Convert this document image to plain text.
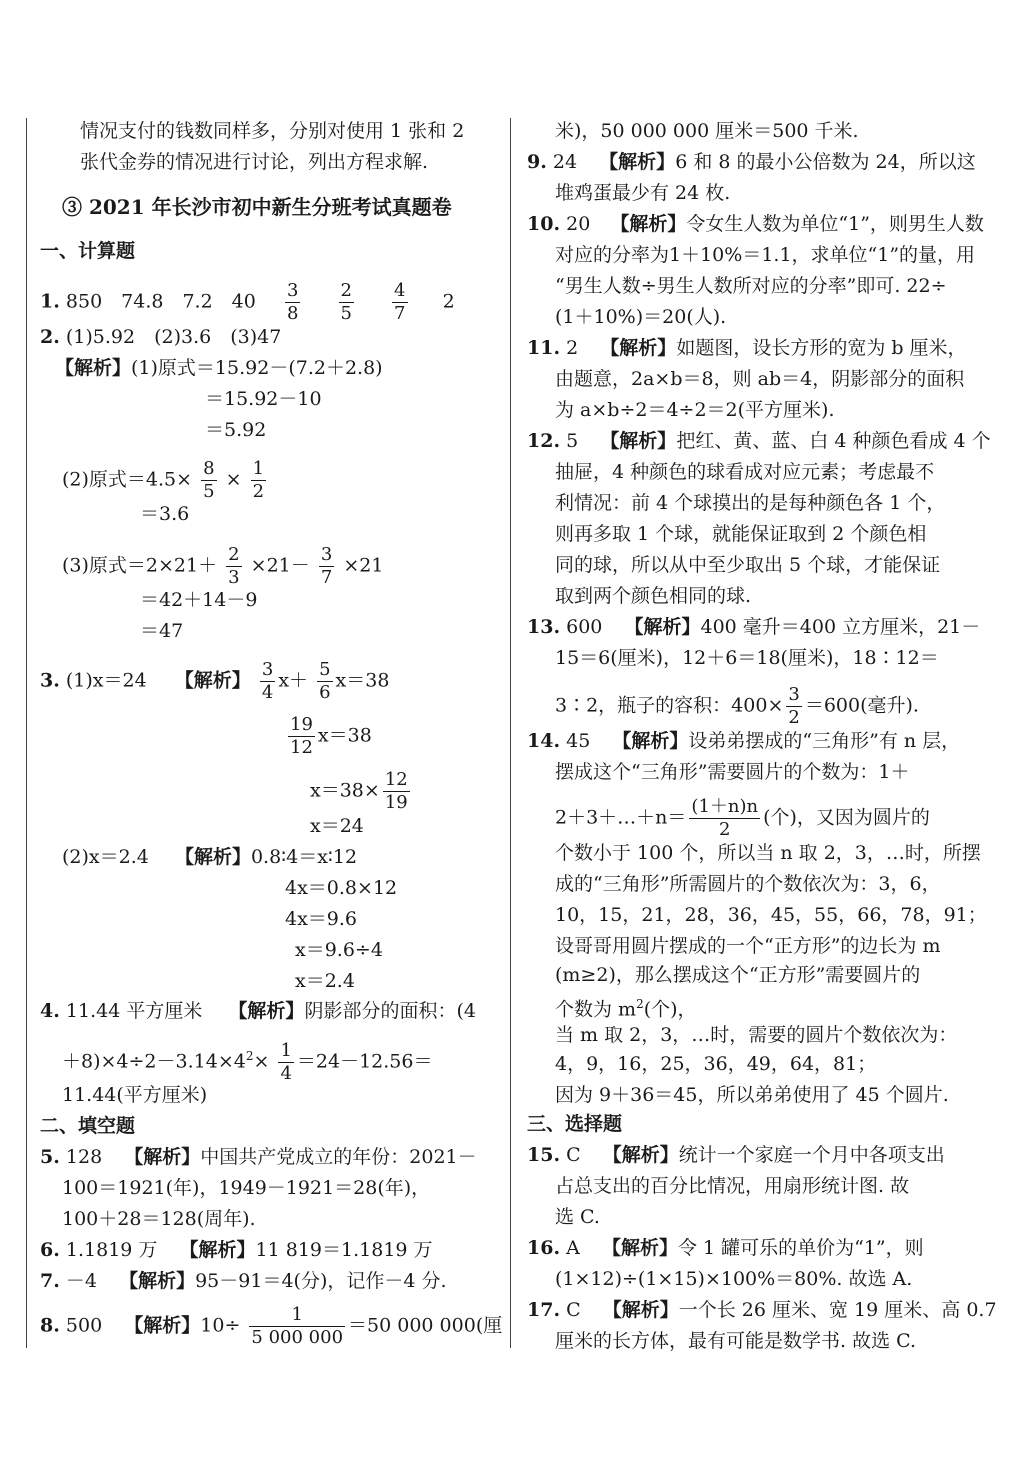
情况支付的钱数同样多，分别对使用 1 张和 2
张代金券的情况进行讨论，列出方程求解.
③ 2021 年长沙市初中新生分班考试真题卷
一、计算题
1. 850　74.8　7.2　$40 \frac{3}{8}$
$\frac{2}{5}$
$\frac{4}{7} 2$
2. (1)5.92　(2)3.6　(3)47
【解析】(1)原式＝15.92－(7.2＋2.8)
＝15.92－10
＝5.92
(2)原式$=4.5\times \frac{8}{5} \times \frac{1}{2}$
＝3.6
(3)原式$=2\times 21+ \frac{2}{3} \times 21- \frac{3}{7} \times 21$
＝42＋14－9
＝47
3. (1)x＝24 【解析】 $\frac{3}{4} x+ \frac{5}{6} x=38$
$\frac{19}{12} x=38$
$x=38\times \frac{12}{19}$
x＝24
(2)x＝2.4 【解析】0.8∶4＝x∶12
4x＝0.8×12
4x＝9.6
x＝9.6÷4
x＝2.4
4. 11.44 平方厘米 【解析】阴影部分的面积：(4
$+8)\times 4\div 2-3.14\times 4^2\times \frac{1}{4} =24-12.56=$
11.44(平方厘米)
二、填空题
5. 128 【解析】中国共产党成立的年份：2021－
100＝1921(年)，1949－1921＝28(年)，
100＋28＝128(周年).
6. 1.1819 万 【解析】11 819＝1.1819 万
7. －4 【解析】95－91＝4(分)，记作－4 分.
8. 500 【解析】$10\div \frac{1}{5 000 000} =50$ 000 000(厘
米)，50 000 000 厘米＝500 千米.
9. 24 【解析】6 和 8 的最小公倍数为 24，所以这
堆鸡蛋最少有 24 枚.
10. 20 【解析】令女生人数为单位“1”，则男生人数
对应的分率为1＋10%＝1.1，求单位“1”的量，用
“男生人数÷男生人数所对应的分率”即可. 22÷
(1＋10%)＝20(人).
11. 2 【解析】如题图，设长方形的宽为 b 厘米，
由题意，2a×b＝8，则 ab＝4，阴影部分的面积
为 a×b÷2＝4÷2＝2(平方厘米).
12. 5 【解析】把红、黄、蓝、白 4 种颜色看成 4 个
抽屉，4 种颜色的球看成对应元素；考虑最不
利情况：前 4 个球摸出的是每种颜色各 1 个，
则再多取 1 个球，就能保证取到 2 个颜色相
同的球，所以从中至少取出 5 个球，才能保证
取到两个颜色相同的球.
13. 600 【解析】400 毫升＝400 立方厘米，21－
15＝6(厘米)，12＋6＝18(厘米)，18∶12＝
3∶2，瓶子的容积：$400\times \frac{3}{2} =600$(毫升).
14. 45 【解析】设弟弟摆成的“三角形”有 n 层，
摆成这个“三角形”需要圆片的个数为：1＋
2＋3＋…＋n＝ $\frac{(1+n)n}{2}$ (个)，又因为圆片的
个数小于 100 个，所以当 n 取 2，3，…时，所摆
成的“三角形”所需圆片的个数依次为：3，6，
10，15，21，28，36，45，55，66，78，91；
设哥哥用圆片摆成的一个“正方形”的边长为 m
(m≥2)，那么摆成这个“正方形”需要圆片的
个数为 $m^2$(个)，
当 m 取 2，3，…时，需要的圆片个数依次为：
4，9，16，25，36，49，64，81；
因为 9＋36＝45，所以弟弟使用了 45 个圆片.
三、选择题
15. C 【解析】统计一个家庭一个月中各项支出
占总支出的百分比情况，用扇形统计图. 故
选 C.
16. A 【解析】令 1 罐可乐的单价为“1”，则
(1×12)÷(1×15)×100%＝80%. 故选 A.
17. C 【解析】一个长 26 厘米、宽 19 厘米、高 0.7
厘米的长方体，最有可能是数学书. 故选 C.
